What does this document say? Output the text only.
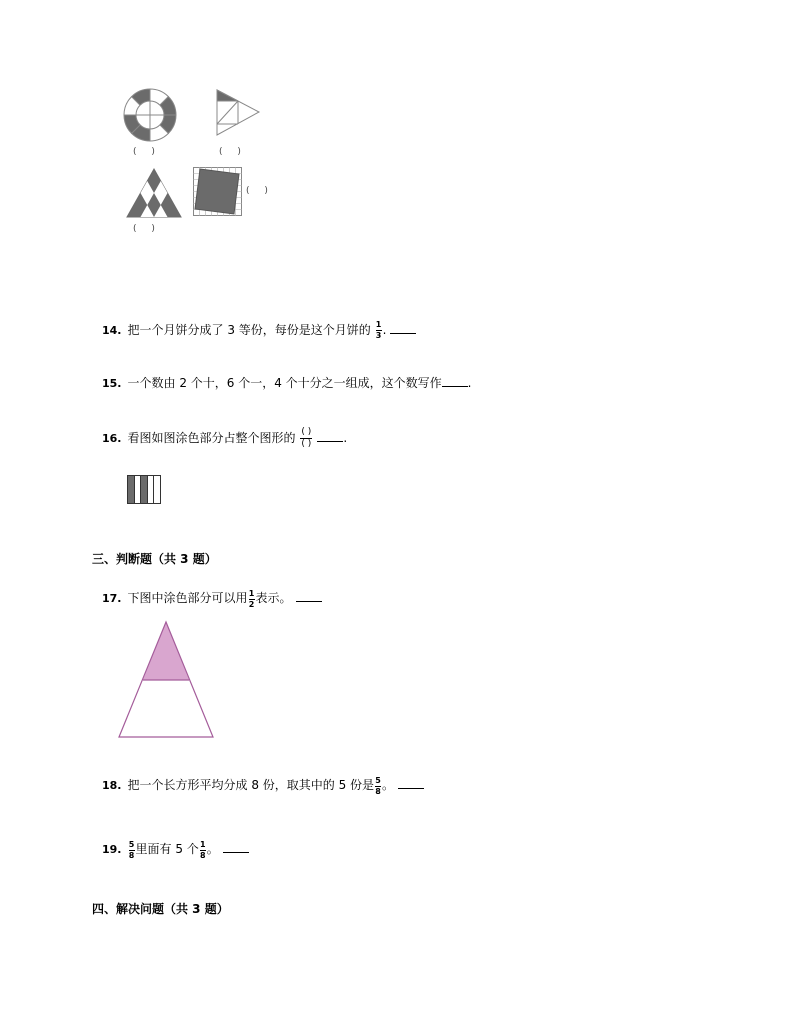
( )	( )
( )
( )
14. 把一个月饼分成了 3 等份，每份是这个月饼的 $\frac{1}{3}$ .
15. 一个数由 2 个十，6 个一，4 个十分之一组成，这个数写作 .
16. 看图如图涂色部分占整个图形的 $\frac{( )}{( )}$	.
三、判断题（共 3 题）
17. 下图中涂色部分可以用 $\frac{1}{2}$ 表示。
18. 把一个长方形平均分成 8 份，取其中的 5 份是 $\frac{5}{8}$ 。
19. $\frac{5}{8}$ 里面有 5 个 $\frac{1}{8}$ 。
四、解决问题（共 3 题）
